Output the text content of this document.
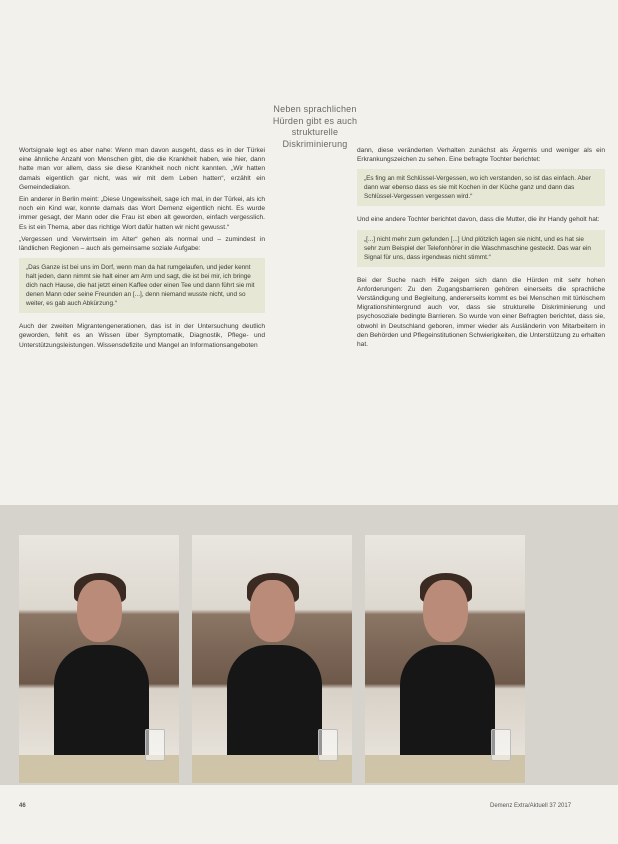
Neben sprachlichen Hürden gibt es auch strukturelle Diskriminierung

Wortsignale legt es aber nahe: Wenn man davon ausgeht, dass es in der Türkei eine ähnliche Anzahl von Menschen gibt, die die Krankheit haben, wie hier, dann hatte man vor allem, dass sie diese Krankheit noch nicht kannten. „Wir hatten damals eigentlich gar nicht, was wir mit dem Leben hatten“, erzählt ein Gemeindediakon.

Ein anderer in Berlin meint: „Diese Ungewissheit, sage ich mal, in der Türkei, als ich noch ein Kind war, konnte damals das Wort Demenz eigentlich nicht. Es wurde immer gesagt, der Mann oder die Frau ist eben alt geworden, einfach vergesslich. Es ist ein Thema, aber das richtige Wort dafür hatten wir nicht gewusst.“

„Vergessen und Verwirrtsein im Alter“ gehen als normal und – zumindest in ländlichen Regionen – auch als gemeinsame soziale Aufgabe:

„Das Ganze ist bei uns im Dorf, wenn man da hat rumgelaufen, und jeder kennt halt jeden, dann nimmt sie halt einer am Arm und sagt, die ist bei mir, ich bringe dich nach Hause, die hat jetzt einen Kaffee oder einen Tee und dann führt sie mit denen Mann oder seine Freunden an [...], denn niemand wusste nicht, und so weiter, es gab auch Abkürzung.“

Auch der zweiten Migrantengenerationen, das ist in der Untersuchung deutlich geworden, fehlt es an Wissen über Symptomatik, Diagnostik, Pflege- und Unterstützungsleistungen. Wissensdefizite und Mangel an Informationsangeboten

dann, diese veränderten Verhalten zunächst als Ärgernis und weniger als ein Erkrankungszeichen zu sehen. Eine befragte Tochter berichtet:

„Es fing an mit Schlüssel-Vergessen, wo ich verstanden, so ist das einfach. Aber dann war ebenso dass es sie mit Kochen in der Küche ganz und dann das Schlüssel-Vergessen vergessen wird.“

Und eine andere Tochter berichtet davon, dass die Mutter, die ihr Handy geholt hat:

„[...] nicht mehr zum gefunden [...] Und plötzlich lagen sie nicht, und es hat sie sehr zum Beispiel der Telefonhörer in die Waschmaschine gesteckt. Das war ein Signal für uns, dass irgendwas nicht stimmt.“

Bei der Suche nach Hilfe zeigen sich dann die Hürden mit sehr hohen Anforderungen: Zu den Zugangsbarrieren gehören einerseits die sprachliche Verständigung und Begleitung, andererseits kommt es bei Menschen mit türkischem Migrationshintergrund auch vor, dass sie strukturelle Diskriminierung und psychosoziale bedingte Barrieren. So wurde von einer Befragten berichtet, dass sie, obwohl in Deutschland geboren, immer wieder als Ausländerin von Mitarbeitern in den Behörden und Pflegeinstitutionen Schwierigkeiten, die Unterstützung zu erhalten hat.

46	Demenz Extra/Aktuell 37 2017
